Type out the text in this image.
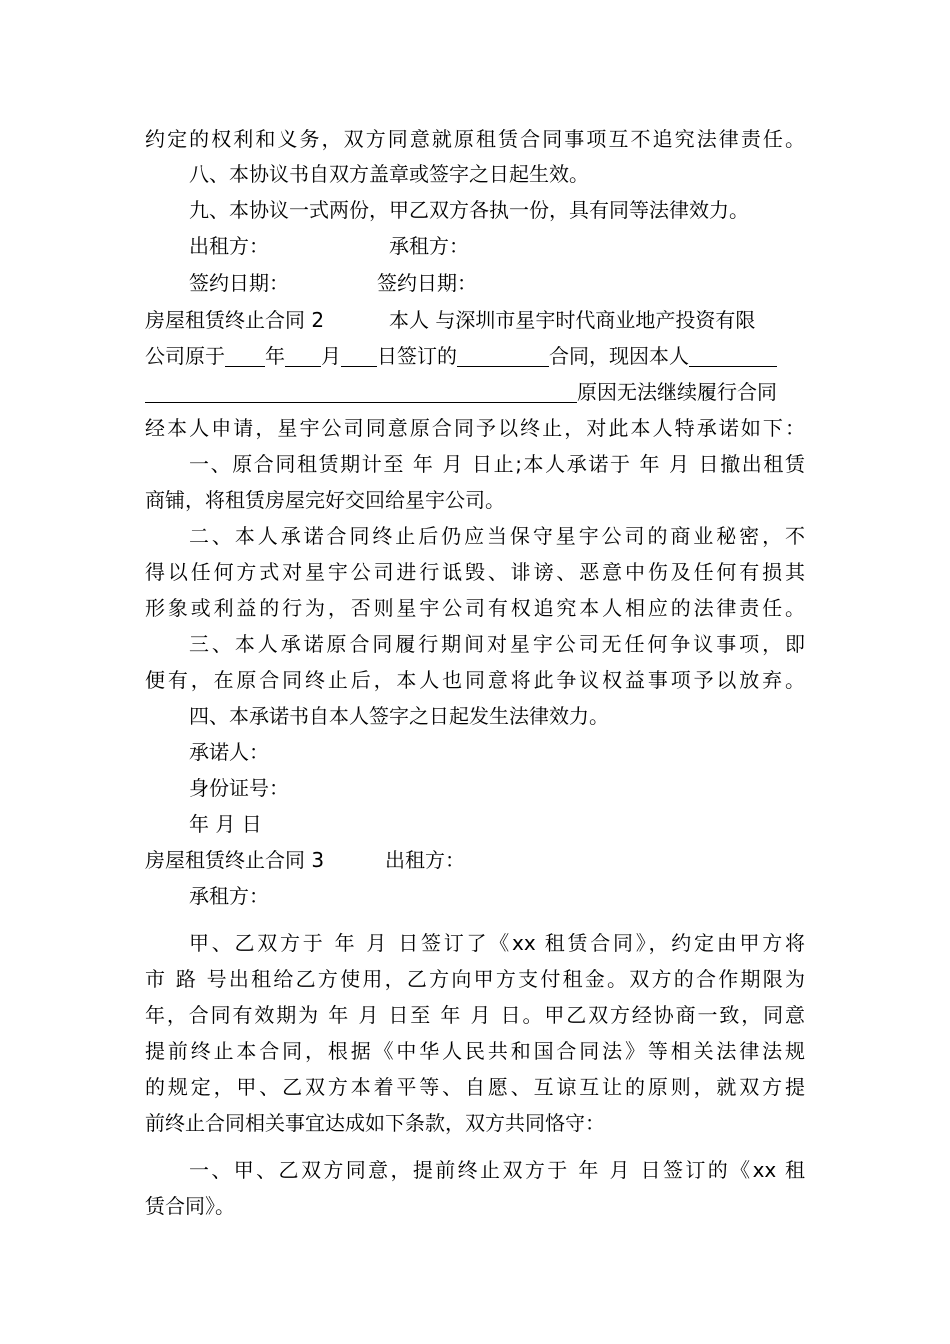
约定的权利和义务，双方同意就原租赁合同事项互不追究法律责任。
八、本协议书自双方盖章或签字之日起生效。
九、本协议一式两份，甲乙双方各执一份，具有同等法律效力。
出租方：	承租方：
签约日期：	签约日期：
房屋租赁终止合同 2	本人 与深圳市星宇时代商业地产投资有限
公司原于 年 月 日签订的	合同，现因本人
原因无法继续履行合同
经本人申请，星宇公司同意原合同予以终止，对此本人特承诺如下：
一、原合同租赁期计至 年 月 日止;本人承诺于 年 月 日撤出租赁
商铺，将租赁房屋完好交回给星宇公司。
二、本人承诺合同终止后仍应当保守星宇公司的商业秘密，不
得以任何方式对星宇公司进行诋毁、诽谤、恶意中伤及任何有损其
形象或利益的行为，否则星宇公司有权追究本人相应的法律责任。
三、本人承诺原合同履行期间对星宇公司无任何争议事项，即
便有，在原合同终止后，本人也同意将此争议权益事项予以放弃。
四、本承诺书自本人签字之日起发生法律效力。
承诺人：
身份证号：
年 月 日
房屋租赁终止合同 3	出租方：
承租方：
甲、乙双方于 年 月 日签订了《xx 租赁合同》，约定由甲方将
市 路 号出租给乙方使用，乙方向甲方支付租金。双方的合作期限为
年，合同有效期为 年 月 日至 年 月 日。甲乙双方经协商一致，同意
提前终止本合同，根据《中华人民共和国合同法》等相关法律法规
的规定，甲、乙双方本着平等、自愿、互谅互让的原则，就双方提
前终止合同相关事宜达成如下条款，双方共同恪守：
一、甲、乙双方同意，提前终止双方于 年 月 日签订的《xx 租
赁合同》。
